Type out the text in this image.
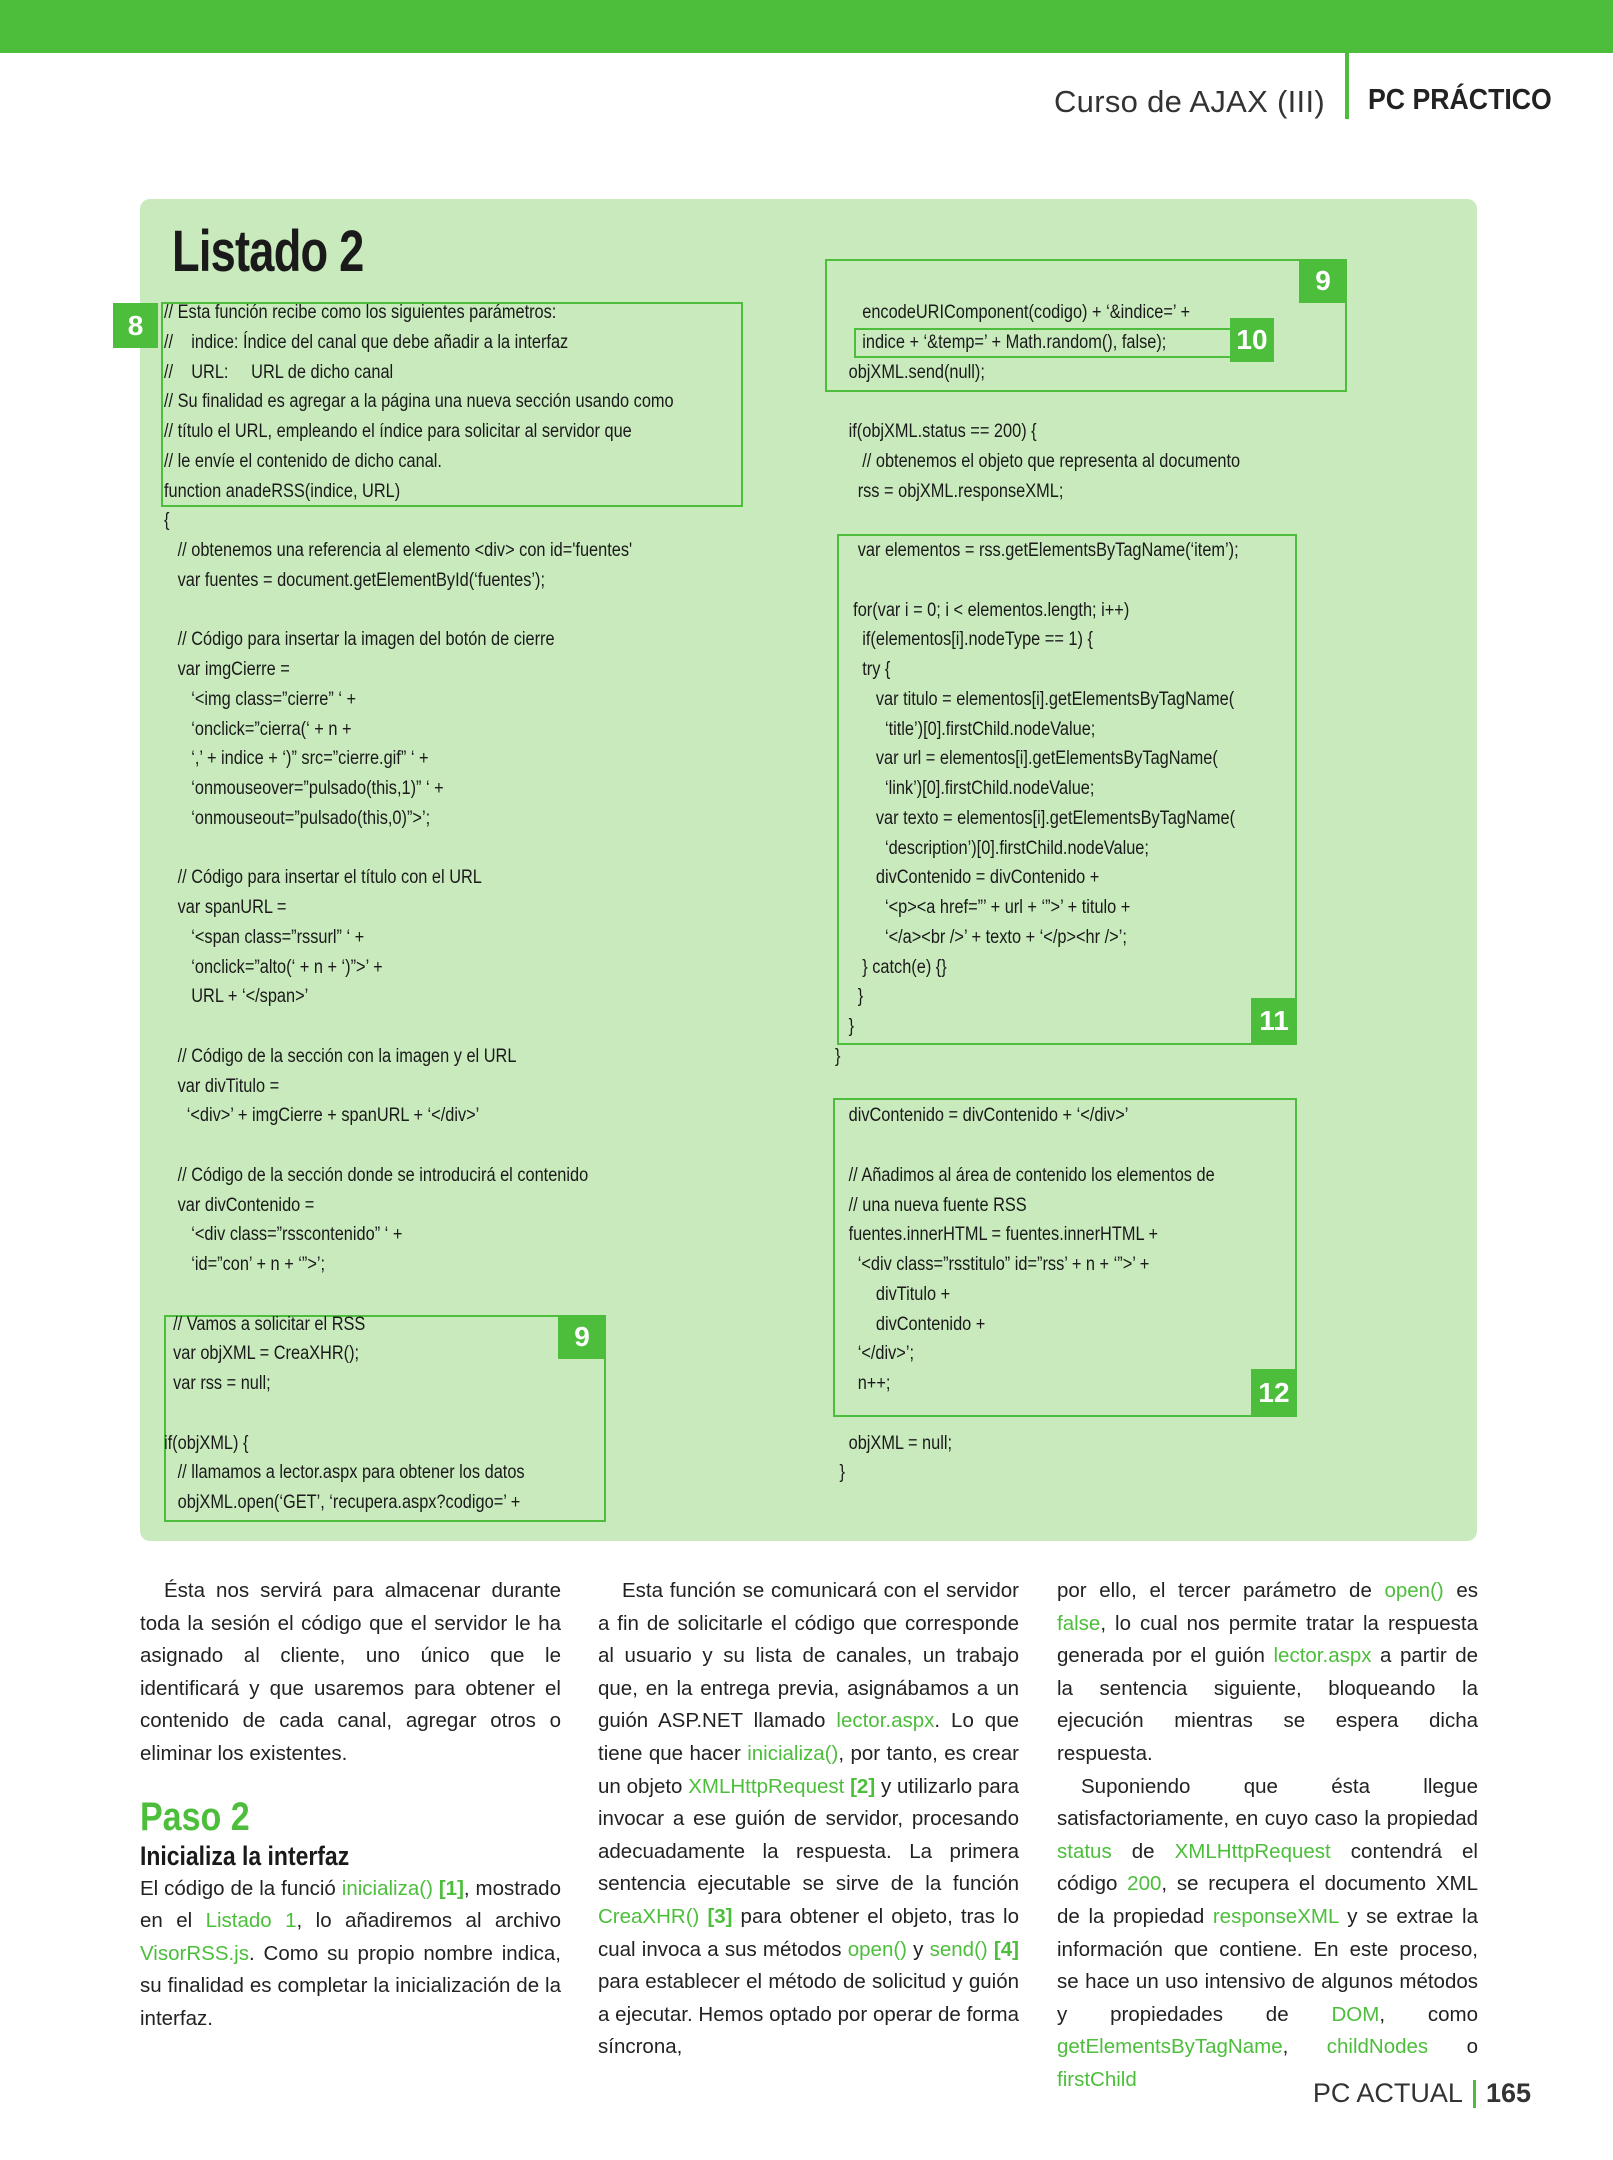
Curso de AJAX (III) PC PRÁCTICO
Listado 2
8
9
10
11
12
9
// Esta función recibe como los siguientes parámetros:
//    indice: Índice del canal que debe añadir a la interfaz
//    URL:     URL de dicho canal
// Su finalidad es agregar a la página una nueva sección usando como
// título el URL, empleando el índice para solicitar al servidor que
// le envíe el contenido de dicho canal.
function anadeRSS(indice, URL)
{
// obtenemos una referencia al elemento <div> con id='fuentes'
var fuentes = document.getElementById(‘fuentes’);
// Código para insertar la imagen del botón de cierre
var imgCierre =
‘<img class=”cierre” ‘ +
‘onclick=”cierra(‘ + n +
‘,’ + indice + ‘)” src=”cierre.gif” ‘ +
‘onmouseover=”pulsado(this,1)” ‘ +
‘onmouseout=”pulsado(this,0)”>’;
// Código para insertar el título con el URL
var spanURL =
‘<span class=”rssurl” ‘ +
‘onclick=”alto(‘ + n + ‘)”>’ +
URL + ‘</span>’
// Código de la sección con la imagen y el URL
var divTitulo =
‘<div>’ + imgCierre + spanURL + ‘</div>’
// Código de la sección donde se introducirá el contenido
var divContenido =
‘<div class=”rsscontenido” ‘ +
‘id=”con’ + n + ‘”>’;
// Vamos a solicitar el RSS
var objXML = CreaXHR();
var rss = null;
if(objXML) {
// llamamos a lector.aspx para obtener los datos
objXML.open(‘GET’, ‘recupera.aspx?codigo=’ +
encodeURIComponent(codigo) + ‘&indice=’ +
indice + ‘&temp=’ + Math.random(), false);
objXML.send(null);
if(objXML.status == 200) {
// obtenemos el objeto que representa al documento
rss = objXML.responseXML;
var elementos = rss.getElementsByTagName(‘item’);
for(var i = 0; i < elementos.length; i++)
if(elementos[i].nodeType == 1) {
try {
var titulo = elementos[i].getElementsByTagName(
‘title’)[0].firstChild.nodeValue;
var url = elementos[i].getElementsByTagName(
‘link’)[0].firstChild.nodeValue;
var texto = elementos[i].getElementsByTagName(
‘description’)[0].firstChild.nodeValue;
divContenido = divContenido +
‘<p><a href=”’ + url + ‘”>’ + titulo +
‘</a><br />’ + texto + ‘</p><hr />’;
} catch(e) {}
}
}
}
divContenido = divContenido + ‘</div>’
// Añadimos al área de contenido los elementos de
// una nueva fuente RSS
fuentes.innerHTML = fuentes.innerHTML +
‘<div class=”rsstitulo” id=”rss’ + n + ‘”>’ +
divTitulo +
divContenido +
‘</div>’;
n++;
objXML = null;
}

Ésta nos servirá para almacenar durante toda la sesión el código que el servidor le ha asignado al cliente, uno único que le identificará y que usaremos para obtener el contenido de cada canal, agregar otros o eliminar los existentes.

Paso 2
Inicializa la interfaz

El código de la funció inicializa() [1], mostrado en el Listado 1, lo añadiremos al archivo VisorRSS.js. Como su propio nombre indica, su finalidad es completar la inicialización de la interfaz.

Esta función se comunicará con el servidor a fin de solicitarle el código que corresponde al usuario y su lista de canales, un trabajo que, en la entrega previa, asignábamos a un guión ASP.NET llamado lector.aspx. Lo que tiene que hacer inicializa(), por tanto, es crear un objeto XMLHttpRequest [2] y utilizarlo para invocar a ese guión de servidor, procesando adecuadamente la respuesta. La primera sentencia ejecutable se sirve de la función CreaXHR() [3] para obtener el objeto, tras lo cual invoca a sus métodos open() y send() [4] para establecer el método de solicitud y guión a ejecutar. Hemos optado por operar de forma síncrona,

por ello, el tercer parámetro de open() es false, lo cual nos permite tratar la respuesta generada por el guión lector.aspx a partir de la sentencia siguiente, bloqueando la ejecución mientras se espera dicha respuesta.

Suponiendo que ésta llegue satisfactoriamente, en cuyo caso la propiedad status de XMLHttpRequest contendrá el código 200, se recupera el documento XML de la propiedad responseXML y se extrae la información que contiene. En este proceso, se hace un uso intensivo de algunos métodos y propiedades de DOM, como getElementsByTagName, childNodes o firstChild	PC ACTUAL 165
